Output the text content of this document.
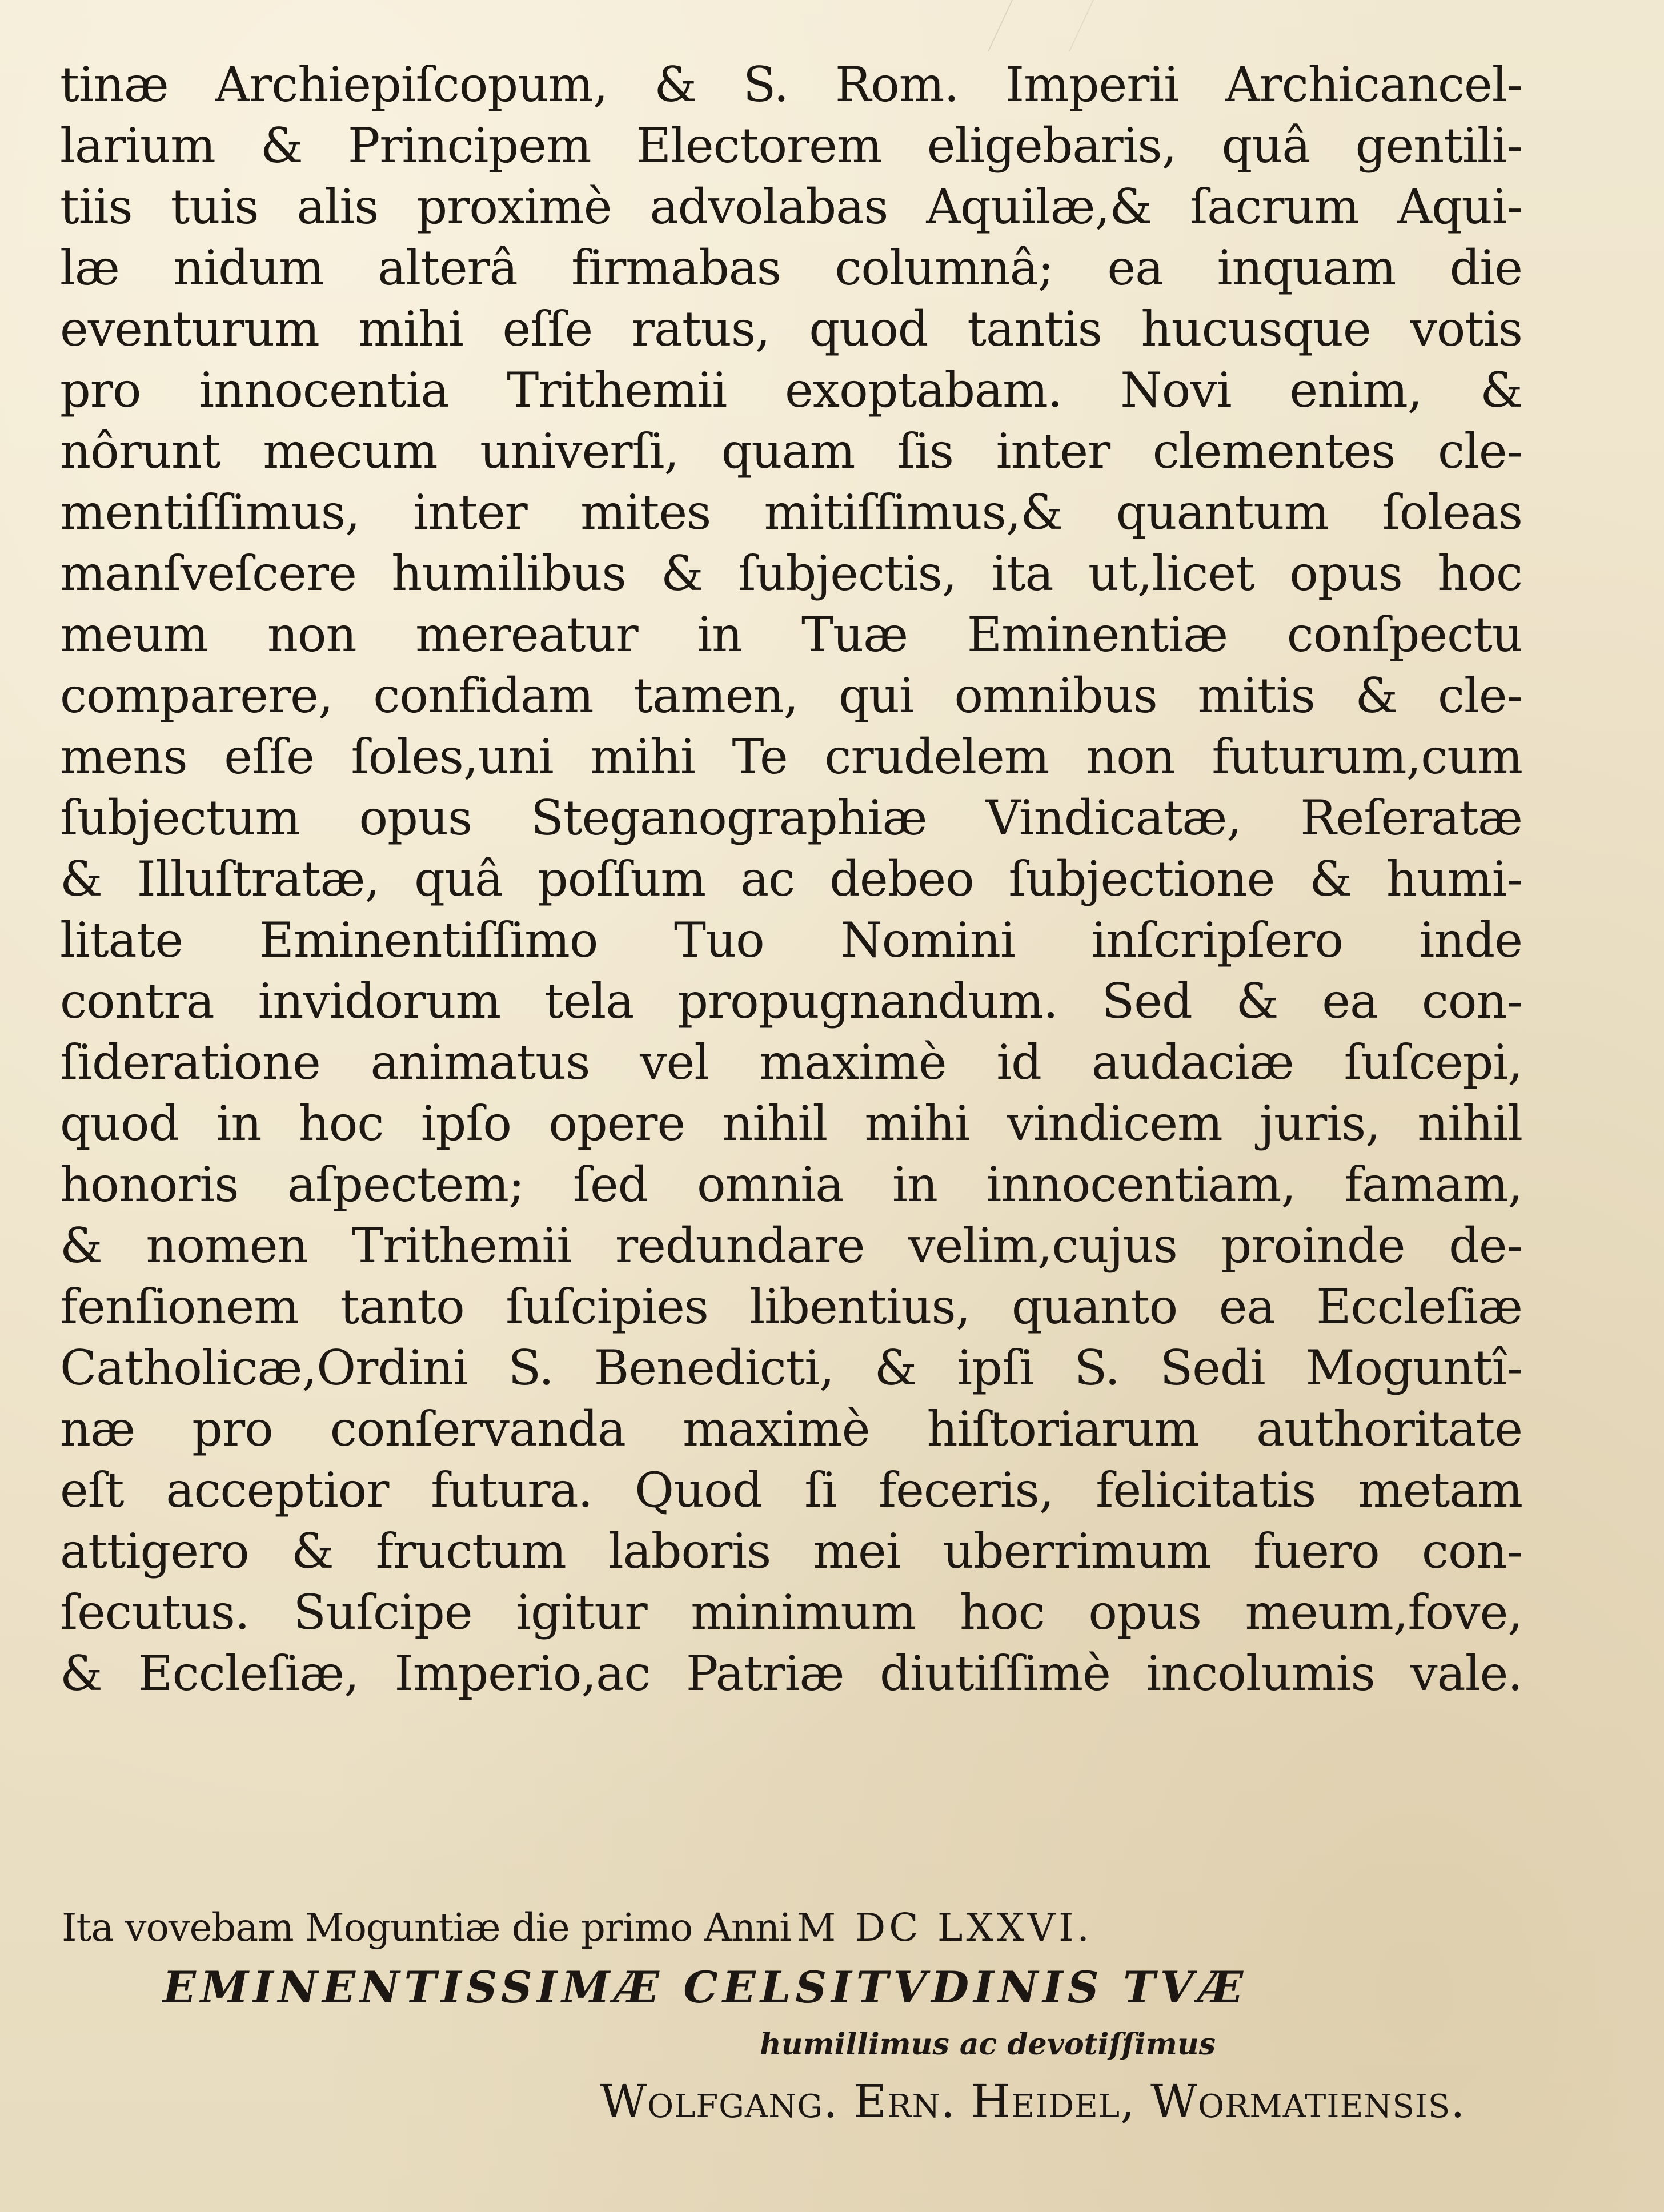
tinæ Archiepiſcopum, & S. Rom. Imperii Archicancel-
larium & Principem Electorem eligebaris, quâ gentili-
tiis tuis alis proximè advolabas Aquilæ,& ſacrum Aqui-
læ nidum alterâ firmabas columnâ; ea inquam die
eventurum mihi eſſe ratus, quod tantis hucusque votis
pro innocentia Trithemii exoptabam. Novi enim, &
nôrunt mecum univerſi, quam ſis inter clementes cle-
mentiſſimus, inter mites mitiſſimus,& quantum ſoleas
manſveſcere humilibus & ſubjectis, ita ut,licet opus hoc
meum non mereatur in Tuæ Eminentiæ conſpectu
comparere, confidam tamen, qui omnibus mitis & cle-
mens eſſe ſoles,uni mihi Te crudelem non futurum,cum
ſubjectum opus Steganographiæ Vindicatæ, Reſeratæ
& Illuſtratæ, quâ poſſum ac debeo ſubjectione & humi-
litate Eminentiſſimo Tuo Nomini inſcripſero inde
contra invidorum tela propugnandum. Sed & ea con-
ſideratione animatus vel maximè id audaciæ ſuſcepi,
quod in hoc ipſo opere nihil mihi vindicem juris, nihil
honoris aſpectem; ſed omnia in innocentiam, famam,
& nomen Trithemii redundare velim,cujus proinde de-
fenſionem tanto ſuſcipies libentius, quanto ea Eccleſiæ
Catholicæ,Ordini S. Benedicti, & ipſi S. Sedi Moguntî-
næ pro conſervanda maximè hiſtoriarum authoritate
eſt acceptior futura. Quod ſi feceris, felicitatis metam
attigero & fructum laboris mei uberrimum fuero con-
ſecutus. Suſcipe igitur minimum hoc opus meum,fove,
& Eccleſiæ, Imperio,ac Patriæ diutiſſimè incolumis vale.
Ita vovebam Moguntiæ die primo Anni M DC LXXVI.
EMINENTISSIMÆ CELSITVDINIS TVÆ
humillimus ac devotiſſimus
Wolfgang. Ern. Heidel, Wormatienſis.
